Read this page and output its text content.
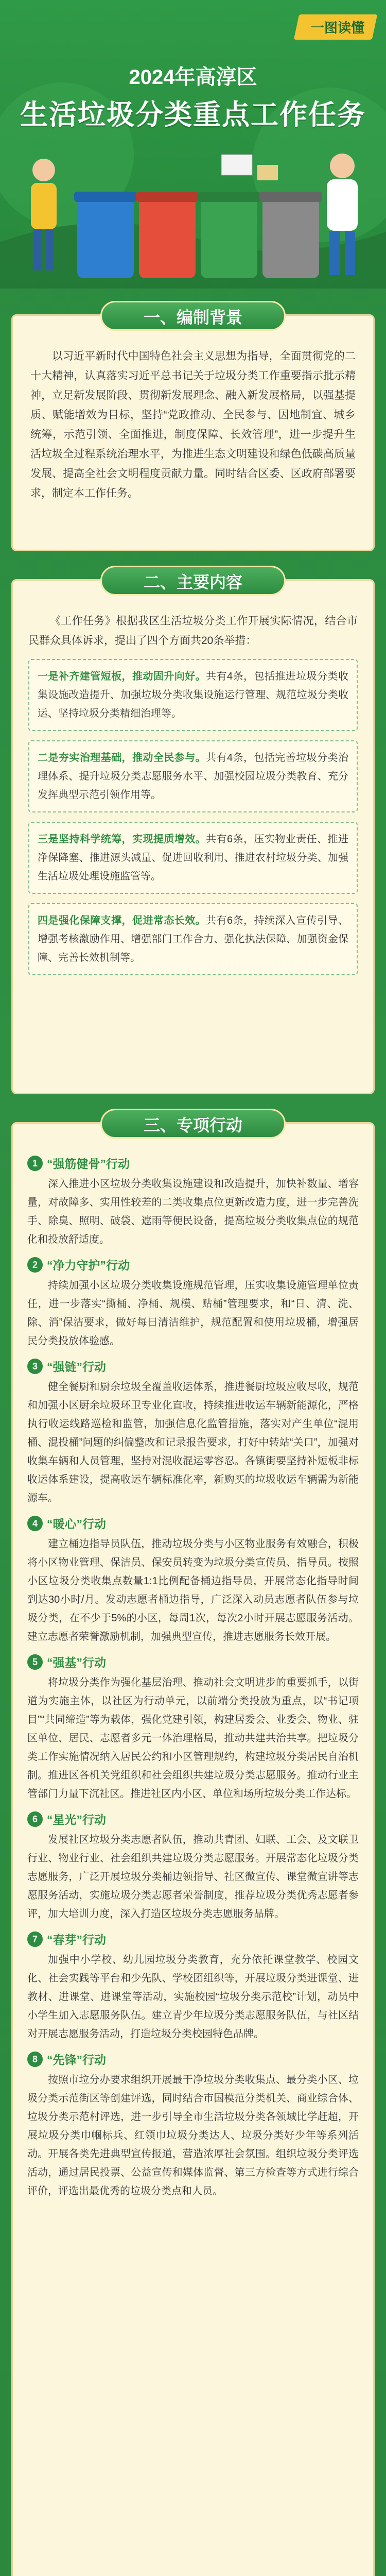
一图读懂
2024年高淳区
生活垃圾分类重点工作任务

以习近平新时代中国特色社会主义思想为指导，全面贯彻党的二十大精神，认真落实习近平总书记关于垃圾分类工作重要指示批示精神，立足新发展阶段、贯彻新发展理念、融入新发展格局，以强基提质、赋能增效为目标，坚持“党政推动、全民参与、因地制宜、城乡统筹，示范引领、全面推进，制度保障、长效管理”，进一步提升生活垃圾全过程系统治理水平，为推进生态文明建设和绿色低碳高质量发展、提高全社会文明程度贡献力量。同时结合区委、区政府部署要求，制定本工作任务。

一、编制背景

《工作任务》根据我区生活垃圾分类工作开展实际情况，结合市民群众具体诉求，提出了四个方面共20条举措：

一是补齐建管短板，推动固升向好。共有4条，包括推进垃圾分类收集设施改造提升、加强垃圾分类收集设施运行管理、规范垃圾分类收运、坚持垃圾分类精细治理等。

二是夯实治理基础，推动全民参与。共有4条，包括完善垃圾分类治理体系、提升垃圾分类志愿服务水平、加强校园垃圾分类教育、充分发挥典型示范引领作用等。

三是坚持科学统筹，实现提质增效。共有6条，压实物业责任、推进净保降塞、推进源头减量、促进回收利用、推进农村垃圾分类、加强生活垃圾处理设施监管等。

四是强化保障支撑，促进常态长效。共有6条，持续深入宣传引导、增强考核激励作用、增强部门工作合力、强化执法保障、加强资金保障、完善长效机制等。

二、主要内容
1 “强筋健骨”行动

深入推进小区垃圾分类收集设施建设和改造提升，加快补数量、增容量，对故障多、实用性较差的二类收集点位更新改造力度，进一步完善洗手、除臭、照明、破袋、遮雨等便民设备，提高垃圾分类收集点位的规范化和投放舒适度。

2 “净力守护”行动

持续加强小区垃圾分类收集设施规范管理，压实收集设施管理单位责任，进一步落实“撕桶、净桶、规模、贴桶”管理要求，和“日、清、洗、除、消”保洁要求，做好每日清洁维护，规范配置和使用垃圾桶，增强居民分类投放体验感。

3 “强链”行动

健全餐厨和厨余垃圾全覆盖收运体系，推进餐厨垃圾应收尽收，规范和加强小区厨余垃圾环卫专业化直收，持续推进收运车辆新能源化，严格执行收运线路巡检和监管，加强信息化监管措施，落实对产生单位“混用桶、混投桶”问题的纠偏整改和记录报告要求，打好中转站“关口”，加强对收集车辆和人员管理，坚持对混收混运零容忍。各镇街要坚持补短板非标收运体系建设，提高收运车辆标准化率，新购买的垃圾收运车辆需为新能源车。

4 “暖心”行动

建立桶边指导员队伍，推动垃圾分类与小区物业服务有效融合，积极将小区物业管理、保洁员、保安员转变为垃圾分类宣传员、指导员。按照小区垃圾分类收集点数量1:1比例配备桶边指导员，开展常态化指导时间到达30小时/月。发动志愿者桶边指导，广泛深入动员志愿者队伍参与垃圾分类，在不少于5%的小区，每周1次，每次2小时开展志愿服务活动。建立志愿者荣誉激励机制，加强典型宣传，推进志愿服务长效开展。

5 “强基”行动

将垃圾分类作为强化基层治理、推动社会文明进步的重要抓手，以街道为实施主体，以社区为行动单元，以前端分类投放为重点，以“书记项目”“共同缔造”等为载体，强化党建引领，构建居委会、业委会、物业、驻区单位、居民、志愿者多元一体治理格局，推动共建共治共享。把垃圾分类工作实施情况纳入居民公约和小区管理规约，构建垃圾分类居民自治机制。推进区各机关党组织和社会组织共建垃圾分类志愿服务。推动行业主管部门力量下沉社区。推进社区内小区、单位和场所垃圾分类工作达标。

6 “星光”行动

发展社区垃圾分类志愿者队伍，推动共青团、妇联、工会、及文联卫行业、物业行业、社会组织共建垃圾分类志愿服务。开展常态化垃圾分类志愿服务，广泛开展垃圾分类桶边领指导、社区微宣传、课堂微宣讲等志愿服务活动，实施垃圾分类志愿者荣誉制度，推荐垃圾分类优秀志愿者参评，加大培训力度，深入打造区垃圾分类志愿服务品牌。

7 “春芽”行动

加强中小学校、幼儿园垃圾分类教育，充分依托课堂教学、校园文化、社会实践等平台和少先队、学校团组织等，开展垃圾分类进课堂、进教材、进课堂、进课堂等活动，实施校园“垃圾分类示范校”计划，动员中小学生加入志愿服务队伍。建立青少年垃圾分类志愿服务队伍，与社区结对开展志愿服务活动，打造垃圾分类校园特色品牌。

8 “先锋”行动

按照市垃分办要求组织开展最干净垃圾分类收集点、最分类小区、垃圾分类示范街区等创建评选，同时结合市国模范分类机关、商业综合体、垃圾分类示范村评选，进一步引导全市生活垃圾分类各领域比学赶超，开展垃圾分类巾帼标兵、红领巾垃圾分类达人、垃圾分类好少年等系列活动。开展各类先进典型宣传报道，营造浓厚社会氛围。组织垃圾分类评选活动，通过居民投票、公益宣传和媒体监督、第三方检查等方式进行综合评价，评选出最优秀的垃圾分类点和人员。

三、专项行动
